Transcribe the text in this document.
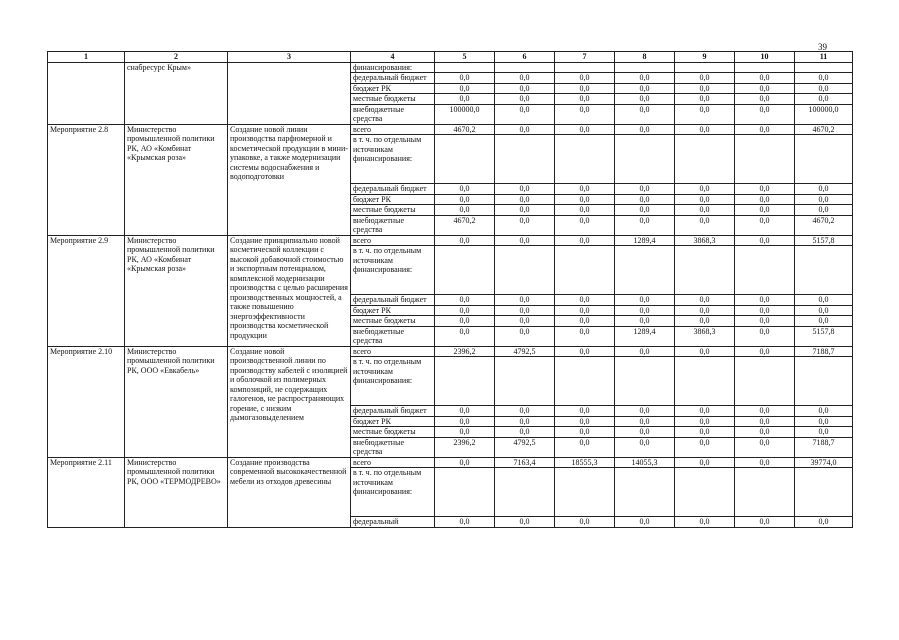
39
1	2	3	4	5	6	7	8	9	10	11
	снабресурс Крым»		финансирования:							
			федеральный бюджет	0,0	0,0	0,0	0,0	0,0	0,0	0,0
			бюджет РК	0,0	0,0	0,0	0,0	0,0	0,0	0,0
			местные бюджеты	0,0	0,0	0,0	0,0	0,0	0,0	0,0
			внебюджетные средства	100000,0	0,0	0,0	0,0	0,0	0,0	100000,0
Мероприятие 2.8	Министерство промышленной политики РК, АО «Комбинат «Крымская роза»	Создание новой линии производства парфюмерной и косметической продукции в мини-упаковке, а также модернизации системы водоснабжения и водоподготовки	всего	4670,2	0,0	0,0	0,0	0,0	0,0	4670,2
			в т. ч. по отдельным источникам финансирования:							
			федеральный бюджет	0,0	0,0	0,0	0,0	0,0	0,0	0,0
			бюджет РК	0,0	0,0	0,0	0,0	0,0	0,0	0,0
			местные бюджеты	0,0	0,0	0,0	0,0	0,0	0,0	0,0
			внебюджетные средства	4670,2	0,0	0,0	0,0	0,0	0,0	4670,2
Мероприятие 2.9	Министерство промышленной политики РК, АО «Комбинат «Крымская роза»	Создание принципиально новой косметической коллекции с высокой добавочной стоимостью и экспортным потенциалом, комплексной модернизации производства с целью расширения производственных мощностей, а также повышению энергоэффективности производства косметической продукции	всего	0,0	0,0	0,0	1289,4	3868,3	0,0	5157,8
			в т. ч. по отдельным источникам финансирования:							
			федеральный бюджет	0,0	0,0	0,0	0,0	0,0	0,0	0,0
			бюджет РК	0,0	0,0	0,0	0,0	0,0	0,0	0,0
			местные бюджеты	0,0	0,0	0,0	0,0	0,0	0,0	0,0
			внебюджетные средства	0,0	0,0	0,0	1289,4	3868,3	0,0	5157,8
Мероприятие 2.10	Министерство промышленной политики РК, ООО «Евкабель»	Создание новой производственной линии по производству кабелей с изоляцией и оболочкой из полимерных композиций, не содержащих галогенов, не распространяющих горение, с низким дымогазовыделением	всего	2396,2	4792,5	0,0	0,0	0,0	0,0	7188,7
			в т. ч. по отдельным источникам финансирования:							
			федеральный бюджет	0,0	0,0	0,0	0,0	0,0	0,0	0,0
			бюджет РК	0,0	0,0	0,0	0,0	0,0	0,0	0,0
			местные бюджеты	0,0	0,0	0,0	0,0	0,0	0,0	0,0
			внебюджетные средства	2396,2	4792,5	0,0	0,0	0,0	0,0	7188,7
Мероприятие 2.11	Министерство промышленной политики РК, ООО «ТЕРМОДРЕВО»	Создание производства современной высококачественной мебели из отходов древесины	всего	0,0	7163,4	18555,3	14055,3	0,0	0,0	39774,0
			в т. ч. по отдельным источникам финансирования:							
			федеральный	0,0	0,0	0,0	0,0	0,0	0,0	0,0
